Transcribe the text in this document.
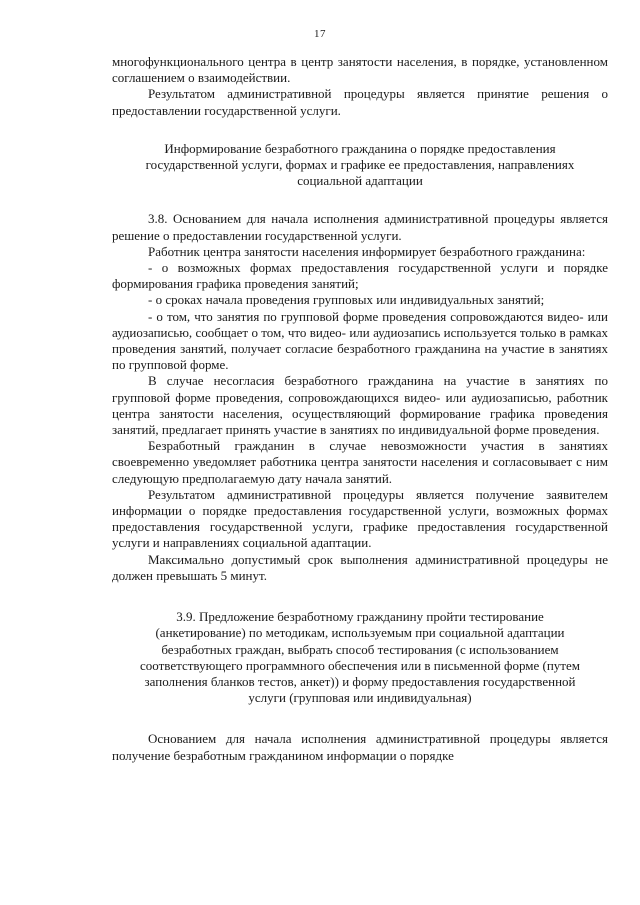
17

многофункционального центра в центр занятости населения, в порядке, установленном соглашением о взаимодействии.

Результатом административной процедуры является принятие решения о предоставлении государственной услуги.

Информирование безработного гражданина о порядке предоставления
государственной услуги, формах и графике ее предоставления, направлениях
социальной адаптации

3.8. Основанием для начала исполнения административной процедуры является решение о предоставлении государственной услуги.

Работник центра занятости населения информирует безработного гражданина:

- о возможных формах предоставления государственной услуги и порядке формирования графика проведения занятий;

- о сроках начала проведения групповых или индивидуальных занятий;

- о том, что занятия по групповой форме проведения сопровождаются видео- или аудиозаписью, сообщает о том, что видео- или аудиозапись используется только в рамках проведения занятий, получает согласие безработного гражданина на участие в занятиях по групповой форме.

В случае несогласия безработного гражданина на участие в занятиях по групповой форме проведения, сопровождающихся видео- или аудиозаписью, работник центра занятости населения, осуществляющий формирование графика проведения занятий, предлагает принять участие в занятиях по индивидуальной форме проведения.

Безработный гражданин в случае невозможности участия в занятиях своевременно уведомляет работника центра занятости населения и согласовывает с ним следующую предполагаемую дату начала занятий.

Результатом административной процедуры является получение заявителем информации о порядке предоставления государственной услуги, возможных формах предоставления государственной услуги, графике предоставления государственной услуги и направлениях социальной адаптации.

Максимально допустимый срок выполнения административной процедуры не должен превышать 5 минут.

3.9. Предложение безработному гражданину пройти тестирование
(анкетирование) по методикам, используемым при социальной адаптации
безработных граждан, выбрать способ тестирования (с использованием
соответствующего программного обеспечения или в письменной форме (путем
заполнения бланков тестов, анкет)) и форму предоставления государственной
услуги (групповая или индивидуальная)

Основанием для начала исполнения административной процедуры является получение безработным гражданином информации о порядке
